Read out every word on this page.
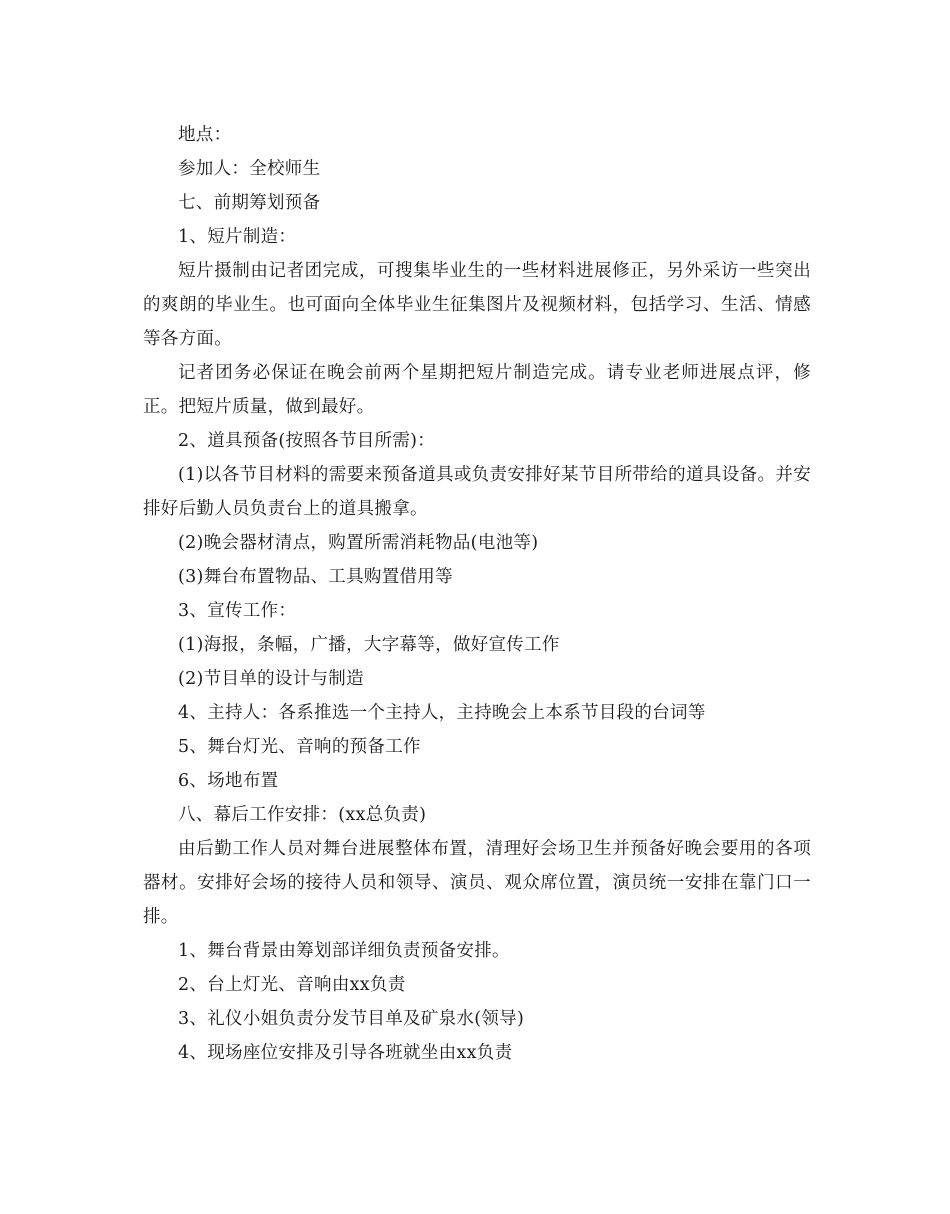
地点：

参加人：全校师生

七、前期筹划预备

1、短片制造：

短片摄制由记者团完成，可搜集毕业生的一些材料进展修正，另外采访一些突出的爽朗的毕业生。也可面向全体毕业生征集图片及视频材料，包括学习、生活、情感等各方面。

记者团务必保证在晚会前两个星期把短片制造完成。请专业老师进展点评，修正。把短片质量，做到最好。

2、道具预备(按照各节目所需)：

(1)以各节目材料的需要来预备道具或负责安排好某节目所带给的道具设备。并安排好后勤人员负责台上的道具搬拿。

(2)晚会器材清点，购置所需消耗物品(电池等)

(3)舞台布置物品、工具购置借用等

3、宣传工作：

(1)海报，条幅，广播，大字幕等，做好宣传工作

(2)节目单的设计与制造

4、主持人：各系推选一个主持人，主持晚会上本系节目段的台词等

5、舞台灯光、音响的预备工作

6、场地布置

八、幕后工作安排：(xx总负责)

由后勤工作人员对舞台进展整体布置，清理好会场卫生并预备好晚会要用的各项器材。安排好会场的接待人员和领导、演员、观众席位置，演员统一安排在靠门口一排。

1、舞台背景由筹划部详细负责预备安排。

2、台上灯光、音响由xx负责

3、礼仪小姐负责分发节目单及矿泉水(领导)

4、现场座位安排及引导各班就坐由xx负责
